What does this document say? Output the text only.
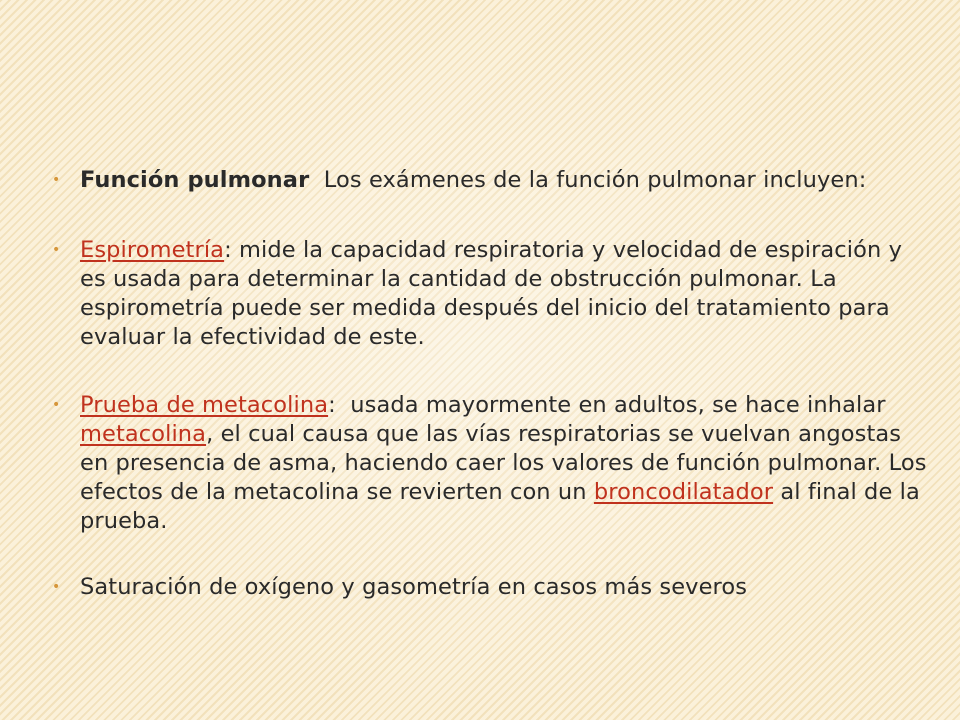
• Función pulmonar  Los exámenes de la función pulmonar incluyen:
• Espirometría: mide la capacidad respiratoria y velocidad de espiración y es usada para determinar la cantidad de obstrucción pulmonar. La espirometría puede ser medida después del inicio del tratamiento para evaluar la efectividad de este.
• Prueba de metacolina:  usada mayormente en adultos, se hace inhalar metacolina, el cual causa que las vías respiratorias se vuelvan angostas en presencia de asma, haciendo caer los valores de función pulmonar. Los efectos de la metacolina se revierten con un broncodilatador al final de la prueba.
• Saturación de oxígeno y gasometría en casos más severos
